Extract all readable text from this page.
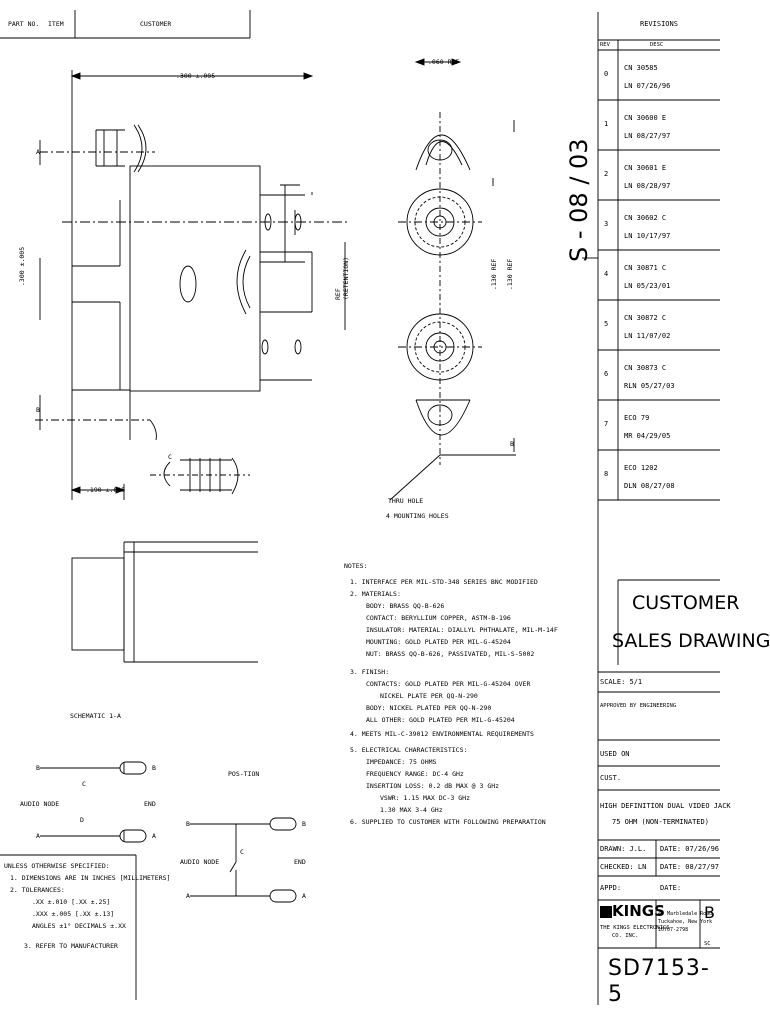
PART NO. ITEM	CUSTOMER
.300 ±.005
.300 ±.005
.190 ±.015
A
B
C
.060 REF
.130 REF .130 REF
REF
(RETENTION)
THRU HOLE
4 MOUNTING HOLES
B
NOTES:
1. INTERFACE PER MIL-STD-348 SERIES BNC MODIFIED
2. MATERIALS:
BODY: BRASS QQ-B-626
CONTACT: BERYLLIUM COPPER, ASTM-B-196
INSULATOR: MATERIAL: DIALLYL PHTHALATE, MIL-M-14F
MOUNTING: GOLD PLATED PER MIL-G-45204
NUT: BRASS QQ-B-626, PASSIVATED, MIL-S-5002
3. FINISH:
CONTACTS: GOLD PLATED PER MIL-G-45204 OVER
NICKEL PLATE PER QQ-N-290
BODY: NICKEL PLATED PER QQ-N-290
ALL OTHER: GOLD PLATED PER MIL-G-45204
4. MEETS MIL-C-39012 ENVIRONMENTAL REQUIREMENTS
5. ELECTRICAL CHARACTERISTICS:
IMPEDANCE: 75 OHMS
FREQUENCY RANGE: DC-4 GHz
INSERTION LOSS: 0.2 dB MAX @ 3 GHz
VSWR: 1.15 MAX DC-3 GHz
1.30 MAX 3-4 GHz
6. SUPPLIED TO CUSTOMER WITH FOLLOWING PREPARATION
SCHEMATIC 1-A
B	B
A	A
AUDIO NODE	END
C
D
POS-TION
B	B
A	A
AUDIO NODE	END
C
UNLESS OTHERWISE SPECIFIED:
1. DIMENSIONS ARE IN INCHES [MILLIMETERS]
2. TOLERANCES:
.XX ±.010 [.XX ±.25]
.XXX ±.005 [.XX ±.13]
ANGLES ±1° DECIMALS ±.XX
3. REFER TO MANUFACTURER
REVISIONS
REV	DESC
S - 08 / 03
0
CN 30585
LN 07/26/96
1
CN 30600 E
LN 08/27/97
2
CN 30601 E
LN 08/28/97
3
CN 30602 C
LN 10/17/97
4
CN 30871 C
LN 05/23/01
5
CN 30872 C
LN 11/07/02
6
CN 30873 C
RLN 05/27/03
7
ECO 79
MR 04/29/05
8
ECO 1202
DLN 08/27/08
CUSTOMER
SALES DRAWING
SCALE: 5/1
APPROVED BY ENGINEERING
USED ON
CUST.
HIGH DEFINITION DUAL VIDEO JACK
75 OHM (NON-TERMINATED)
DRAWN: J.L. DATE: 07/26/96
CHECKED: LN DATE: 08/27/97
APPD:	DATE:
KINGS
THE KINGS ELECTRONICS
CO. INC.
40 Marbledale Road
Tuckahoe, New York
10707-2798
B
SC
SD7153-5
